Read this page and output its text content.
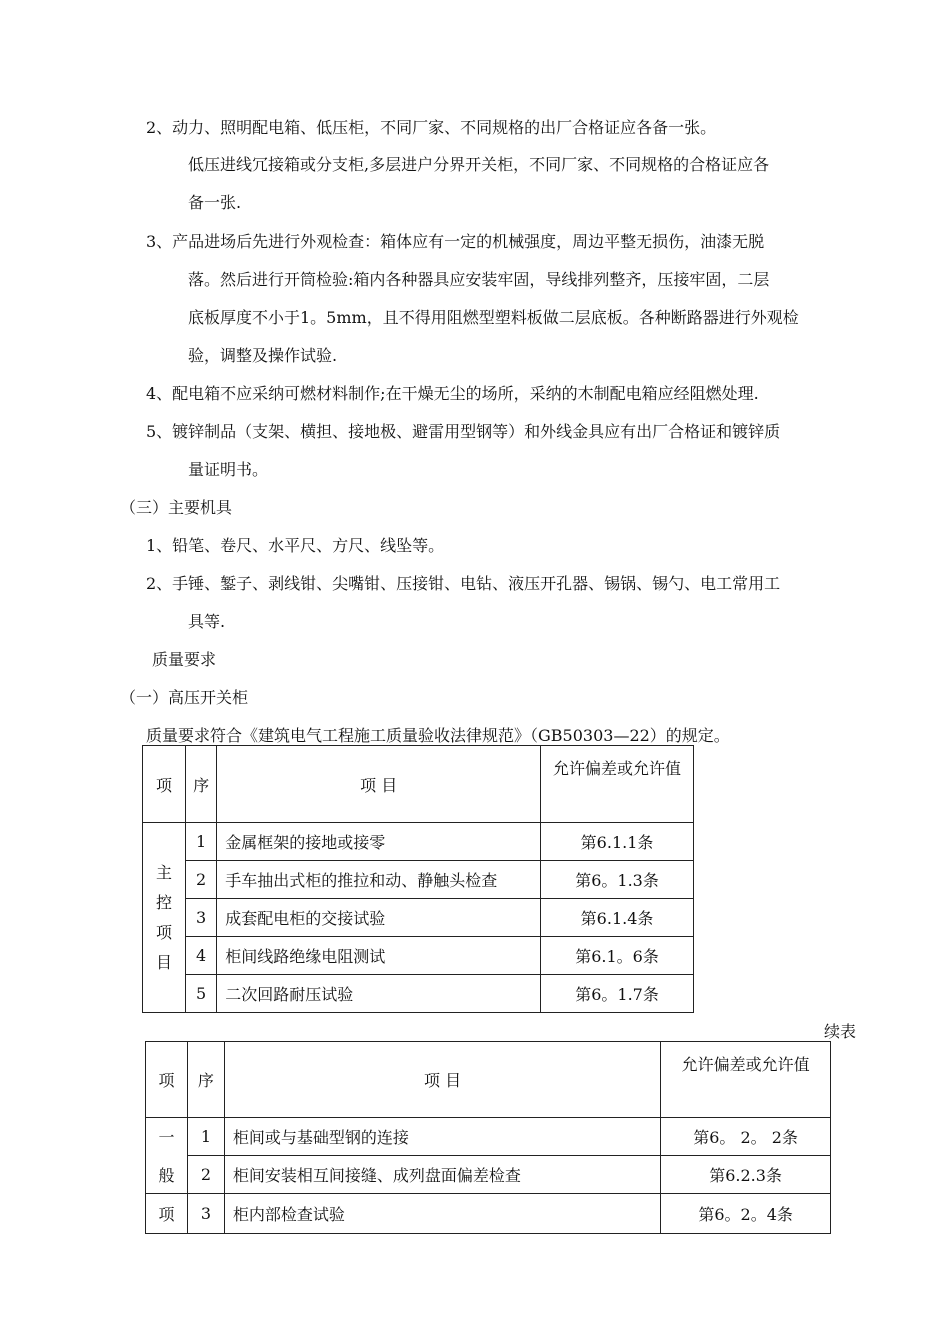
2、动力、照明配电箱、低压柜，不同厂家、不同规格的出厂合格证应各备一张。
低压进线冗接箱或分支柜,多层进户分界开关柜，不同厂家、不同规格的合格证应各
备一张.
3、产品进场后先进行外观检查：箱体应有一定的机械强度，周边平整无损伤，油漆无脱
落。然后进行开筒检验:箱内各种器具应安装牢固，导线排列整齐，压接牢固，二层
底板厚度不小于1。5mm，且不得用阻燃型塑料板做二层底板。各种断路器进行外观检
验，调整及操作试验.
4、配电箱不应采纳可燃材料制作;在干燥无尘的场所，采纳的木制配电箱应经阻燃处理.
5、镀锌制品（支架、横担、接地极、避雷用型钢等）和外线金具应有出厂合格证和镀锌质
量证明书。
（三）主要机具
1、铅笔、卷尺、水平尺、方尺、线坠等。
2、手锤、錾子、剥线钳、尖嘴钳、压接钳、电钻、液压开孔器、锡锅、锡勺、电工常用工
具等.
质量要求
（一）高压开关柜
质量要求符合《建筑电气工程施工质量验收法律规范》（GB50303—22）的规定。
项	序	项 目	允许偏差或允许值

主
控
项
目	1	金属框架的接地或接零	第6.1.1条
	2	手车抽出式柜的推拉和动、静触头检查	第6。1.3条
	3	成套配电柜的交接试验	第6.1.4条
	4	柜间线路绝缘电阻测试	第6.1。6条
	5	二次回路耐压试验	第6。1.7条
续表
项	序	项 目	允许偏差或允许值
一	1	柜间或与基础型钢的连接	第6。 2。 2条
般	2	柜间安装相互间接缝、成列盘面偏差检查	第6.2.3条
项	3	柜内部检查试验	第6。2。4条
